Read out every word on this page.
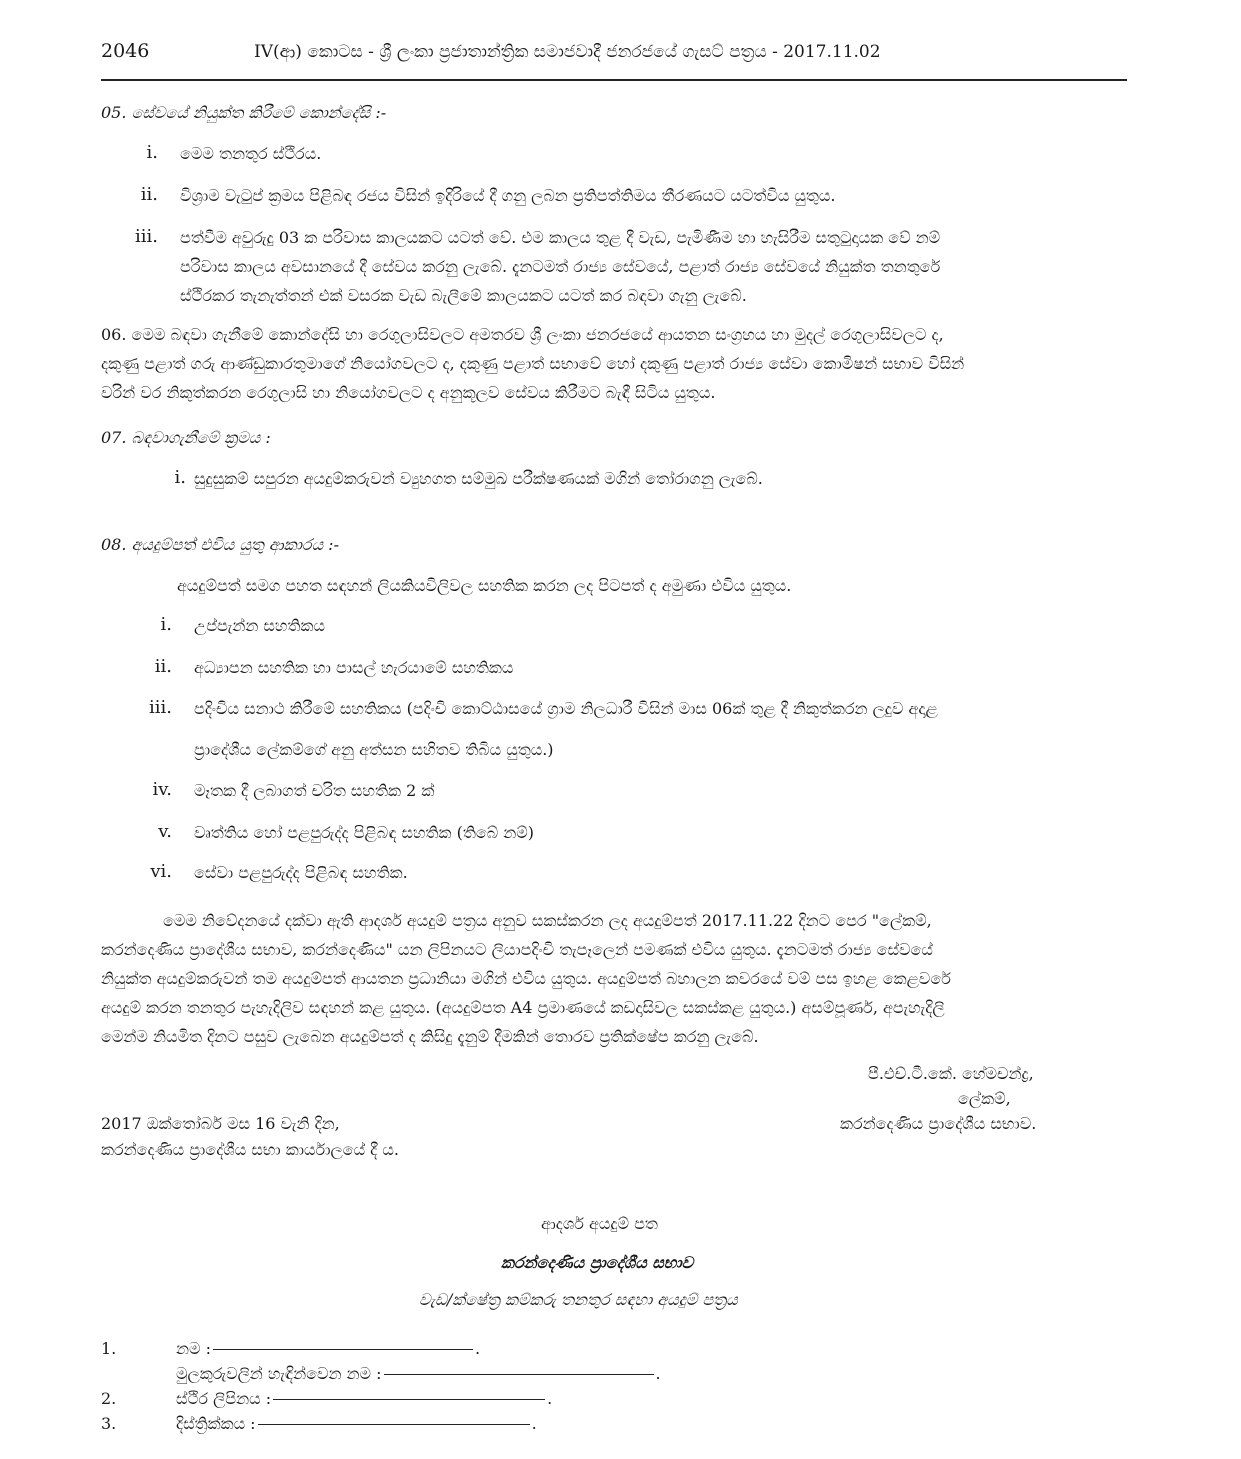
2046	IV(ආ) කොටස - ශ්‍රී ලංකා ප්‍රජාතාන්ත්‍රික සමාජවාදී ජනරජයේ ගැසට් පත්‍රය - 2017.11.02
05. සේවයේ නියුක්ත කිරීමේ කොන්දේසි :-
i. මෙම තනතුර ස්ථිරය.
ii. විශ්‍රාම වැටුප් ක්‍රමය පිළිබඳ රජය විසින් ඉදිරියේ දී ගනු ලබන ප්‍රතිපත්තිමය තීරණයට යටත්විය යුතුය.
iii. පත්වීම අවුරුදු 03 ක පරිවාස කාලයකට යටත් වේ. එම කාලය තුළ දී වැඩ, පැමිණීම හා හැසිරීම සතුටුදායක වේ නම්
පරිවාස කාලය අවසානයේ දී සේවය කරනු ලැබේ. දැනටමත් රාජ්‍ය සේවයේ, පළාත් රාජ්‍ය සේවයේ නියුක්ත තනතුරේ
ස්ථිරකර තැනැත්තන් එක් වසරක වැඩ බැලීමේ කාලයකට යටත් කර බඳවා ගැනු ලැබේ.
06. මෙම බඳවා ගැනීමේ කොන්දේසි හා රෙගුලාසිවලට අමතරව ශ්‍රී ලංකා ජනරජයේ ආයතන සංග්‍රහය හා මුදල් රෙගුලාසිවලට ද,
දකුණු පළාත් ගරු ආණ්ඩුකාරතුමාගේ නියෝගවලට ද, දකුණු පළාත් සභාවේ හෝ දකුණු පළාත් රාජ්‍ය සේවා කොමිෂන් සභාව විසින්
වරින් වර නිකුත්කරන රෙගුලාසි හා නියෝගවලට ද අනුකූලව සේවය කිරීමට බැඳී සිටිය යුතුය.
07. බඳවාගැනීමේ ක්‍රමය :
i. සුදුසුකම් සපුරන අයදුම්කරුවන් ව්‍යුහගත සම්මුඛ පරීක්ෂණයක් මගින් තෝරාගනු ලැබේ.
08. අයදුම්පත් එවිය යුතු ආකාරය :-
අයදුම්පත් සමග පහත සඳහන් ලියකියවිලිවල සහතික කරන ලද පිටපත් ද අමුණා එවිය යුතුය.
i. උප්පැන්න සහතිකය
ii. අධ්‍යාපන සහතික හා පාසල් හැරයාමේ සහතිකය
iii. පදිංචිය සනාථ කිරීමේ සහතිකය (පදිංචි කොට්ඨාසයේ ග්‍රාම නිලධාරී විසින් මාස 06ක් තුළ දී නිකුත්කරන ලදුව අදාළ
ප්‍රාදේශීය ලේකම්ගේ අනු අත්සන සහිතව තිබිය යුතුය.)
iv. මෑතක දී ලබාගත් චරිත සහතික 2 ක්
v. වෘත්තිය හෝ පළපුරුද්ද පිළිබඳ සහතික (තිබේ නම්)
vi. සේවා පළපුරුද්ද පිළිබඳ සහතික.
මෙම නිවේදනයේ දක්වා ඇති ආදර්ශ අයදුම් පත්‍රය අනුව සකස්කරන ලද අයදුම්පත් 2017.11.22 දිනට පෙර "ලේකම්,
කරන්දෙණිය ප්‍රාදේශීය සභාව, කරන්දෙණිය" යන ලිපිනයට ලියාපදිංචි තැපෑලෙන් පමණක් එවිය යුතුය. දැනටමත් රාජ්‍ය සේවයේ
නියුක්ත අයදුම්කරුවන් තම අයදුම්පත් ආයතන ප්‍රධානියා මගින් එවිය යුතුය. අයදුම්පත් බහාලන කවරයේ වම් පස ඉහළ කෙළවරේ
අයදුම් කරන තනතුර පැහැදිලිව සඳහන් කළ යුතුය. (අයදුම්පත A4 ප්‍රමාණයේ කඩදාසිවල සකස්කළ යුතුය.) අසම්පූර්ණ, අපැහැදිලි
මෙන්ම නියමිත දිනට පසුව ලැබෙන අයදුම්පත් ද කිසිදු දැනුම් දීමකින් තොරව ප්‍රතික්ෂේප කරනු ලැබේ.
පී.එච්.ටී.කේ. හේමචන්ද්‍ර,
ලේකම්,
කරන්දෙණිය ප්‍රාදේශීය සභාව.
2017 ඔක්තෝබර් මස 16 වැනි දින,
කරන්දෙණිය ප්‍රාදේශීය සභා කාර්යාලයේ දී ය.
ආදර්ශ අයදුම් පත
කරන්දෙණිය ප්‍රාදේශීය සභාව
වැඩ/ක්ෂේත්‍ර කම්කරු තනතුර සඳහා අයදුම් පත්‍රය
1.	නම :	.
මුලකුරුවලින් හැඳින්වෙන නම :	.
2.	ස්ථිර ලිපිනය :	.
3.	දිස්ත්‍රික්කය :	.
